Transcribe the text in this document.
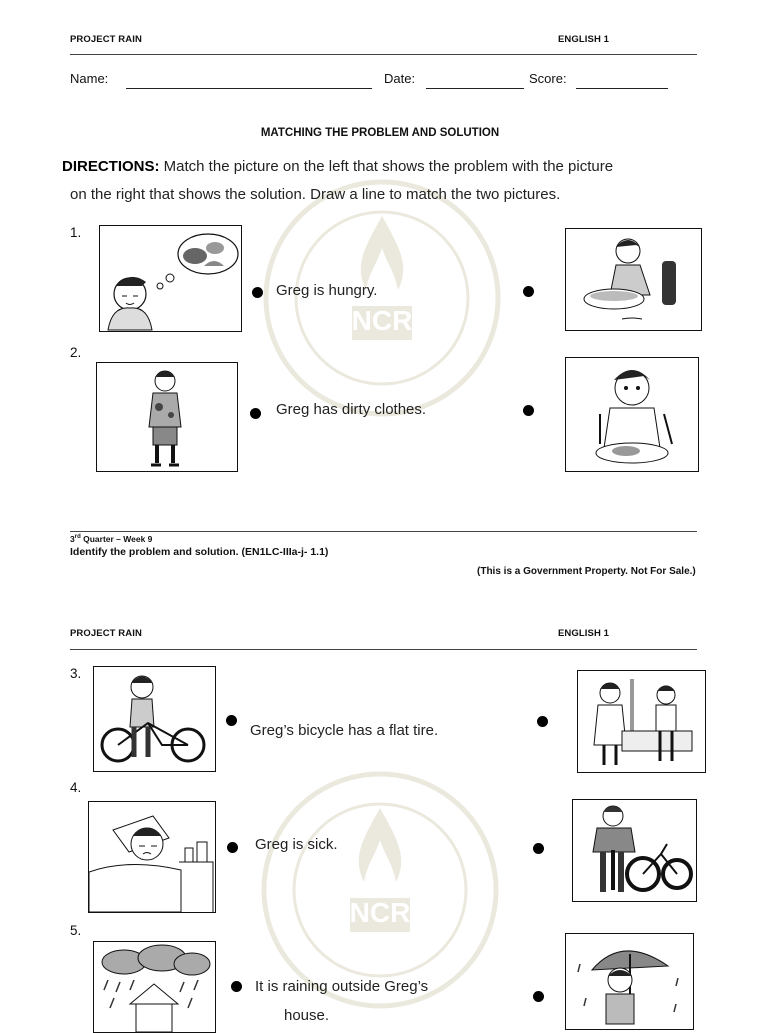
NCR
NCR
PROJECT RAIN	ENGLISH 1
Name:	Date:	Score:
MATCHING THE PROBLEM AND SOLUTION
DIRECTIONS: Match the picture on the left that shows the problem with the picture
on the right that shows the solution. Draw a line to match the two pictures.
1.
Greg is hungry.
2.
Greg has dirty clothes.
3rd Quarter – Week 9
Identify the problem and solution. (EN1LC-IIIa-j- 1.1)
(This is a Government Property. Not For Sale.)
PROJECT RAIN	ENGLISH 1
3.
Greg’s bicycle has a flat tire.
4.
Greg is sick.
5.
It is raining outside Greg’s
house.
